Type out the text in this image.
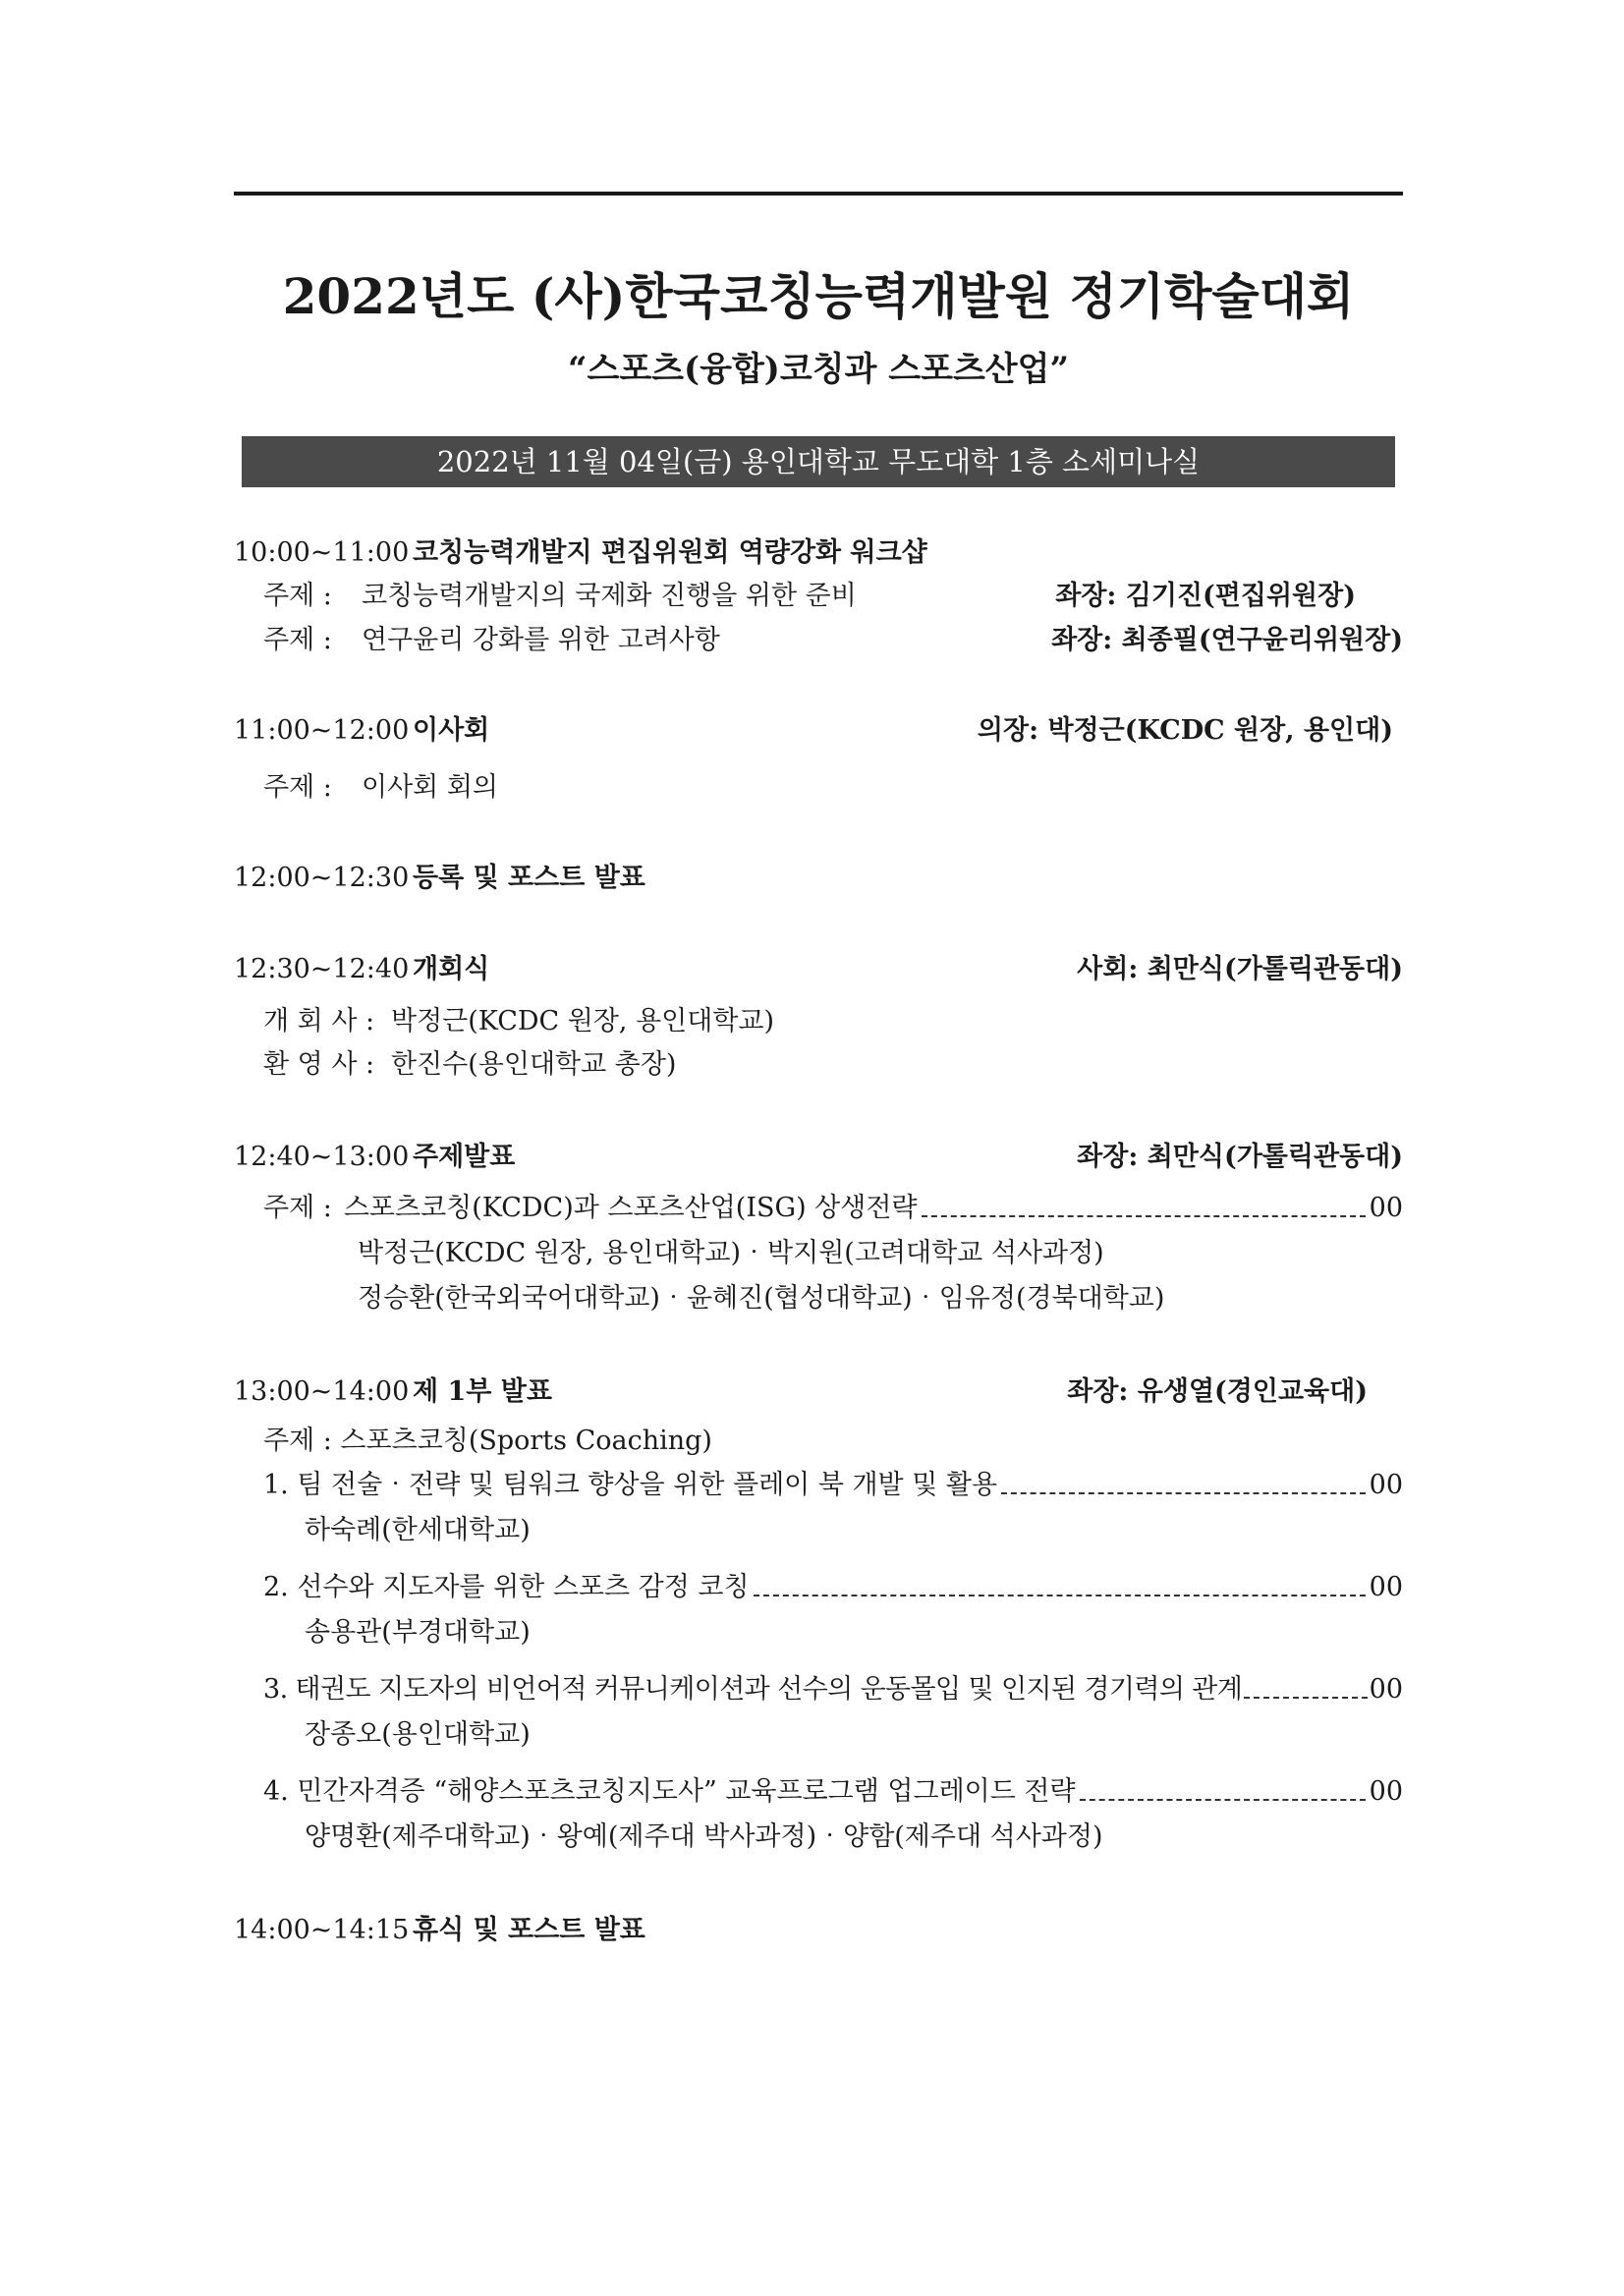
2022년도 (사)한국코칭능력개발원 정기학술대회
“스포츠(융합)코칭과 스포츠산업”
2022년 11월 04일(금) 용인대학교 무도대학 1층 소세미나실
10:00~11:00 코칭능력개발지 편집위원회 역량강화 워크샵
주제 : 코칭능력개발지의 국제화 진행을 위한 준비	좌장: 김기진(편집위원장)
주제 : 연구윤리 강화를 위한 고려사항	좌장: 최종필(연구윤리위원장)
11:00~12:00 이사회	의장: 박정근(KCDC 원장, 용인대)
주제 : 이사회 회의
12:00~12:30 등록 및 포스트 발표
12:30~12:40 개회식	사회: 최만식(가톨릭관동대)
개 회 사 : 박정근(KCDC 원장, 용인대학교)
환 영 사 : 한진수(용인대학교 총장)
12:40~13:00 주제발표	좌장: 최만식(가톨릭관동대)
주제 : 스포츠코칭(KCDC)과 스포츠산업(ISG) 상생전략	00
박정근(KCDC 원장, 용인대학교)‧박지원(고려대학교 석사과정)
정승환(한국외국어대학교)‧윤혜진(협성대학교)‧임유정(경북대학교)
13:00~14:00 제 1부 발표	좌장: 유생열(경인교육대)
주제 : 스포츠코칭(Sports Coaching)
1. 팀 전술‧전략 및 팀워크 향상을 위한 플레이 북 개발 및 활용	00
하숙례(한세대학교)
2. 선수와 지도자를 위한 스포츠 감정 코칭	00
송용관(부경대학교)
3. 태권도 지도자의 비언어적 커뮤니케이션과 선수의 운동몰입 및 인지된 경기력의 관계	00
장종오(용인대학교)
4. 민간자격증 “해양스포츠코칭지도사” 교육프로그램 업그레이드 전략	00
양명환(제주대학교)‧왕예(제주대 박사과정)‧양함(제주대 석사과정)
14:00~14:15 휴식 및 포스트 발표
